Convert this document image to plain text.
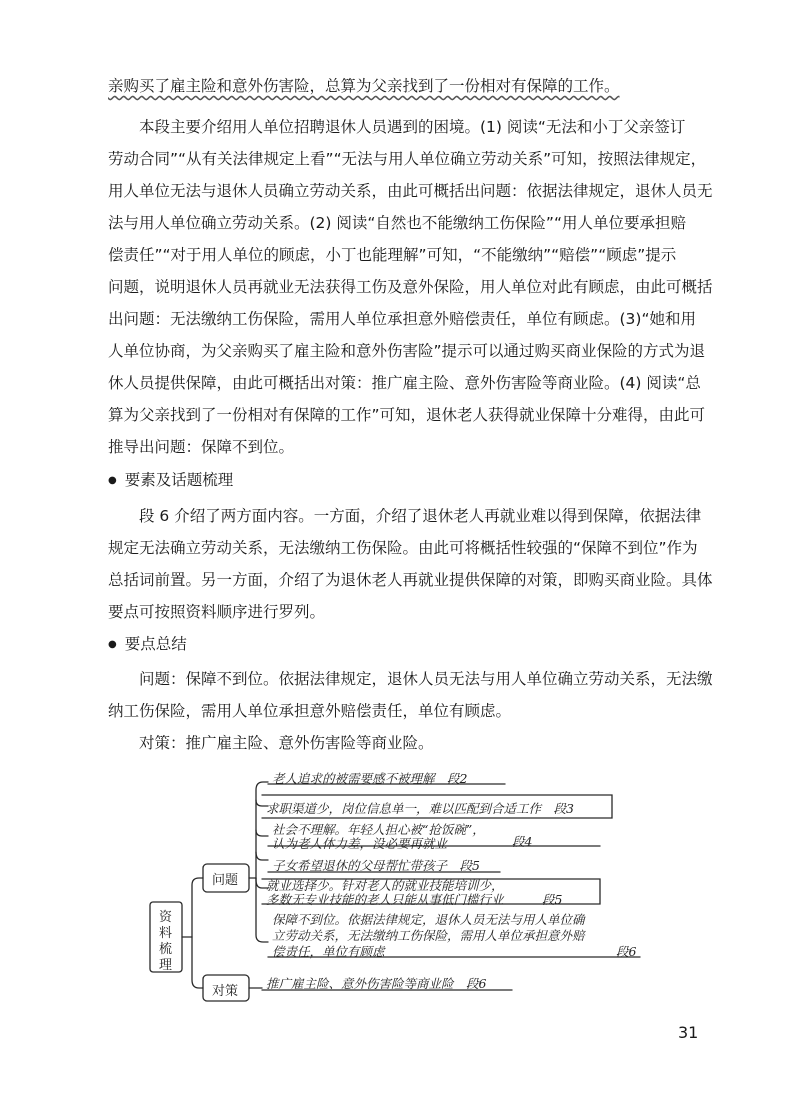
亲购买了雇主险和意外伤害险，总算为父亲找到了一份相对有保障的工作。
　　本段主要介绍用人单位招聘退休人员遇到的困境。(1) 阅读“无法和小丁父亲签订
劳动合同”“从有关法律规定上看”“无法与用人单位确立劳动关系”可知，按照法律规定，
用人单位无法与退休人员确立劳动关系，由此可概括出问题：依据法律规定，退休人员无
法与用人单位确立劳动关系。(2) 阅读“自然也不能缴纳工伤保险”“用人单位要承担赔
偿责任”“对于用人单位的顾虑，小丁也能理解”可知，“不能缴纳”“赔偿”“顾虑”提示
问题，说明退休人员再就业无法获得工伤及意外保险，用人单位对此有顾虑，由此可概括
出问题：无法缴纳工伤保险，需用人单位承担意外赔偿责任，单位有顾虑。(3)“她和用
人单位协商，为父亲购买了雇主险和意外伤害险”提示可以通过购买商业保险的方式为退
休人员提供保障，由此可概括出对策：推广雇主险、意外伤害险等商业险。(4) 阅读“总
算为父亲找到了一份相对有保障的工作”可知，退休老人获得就业保障十分难得，由此可
推导出问题：保障不到位。
● 要素及话题梳理
　　段 6 介绍了两方面内容。一方面，介绍了退休老人再就业难以得到保障，依据法律
规定无法确立劳动关系，无法缴纳工伤保险。由此可将概括性较强的“保障不到位”作为
总括词前置。另一方面，介绍了为退休老人再就业提供保障的对策，即购买商业险。具体
要点可按照资料顺序进行罗列。
● 要点总结
　　问题：保障不到位。依据法律规定，退休人员无法与用人单位确立劳动关系，无法缴
纳工伤保险，需用人单位承担意外赔偿责任，单位有顾虑。
　　对策：推广雇主险、意外伤害险等商业险。
资
料
梳
理
问题
对策
老人追求的被需要感不被理解　段2
求职渠道少，岗位信息单一，难以匹配到合适工作　段3
社会不理解。年轻人担心被“抢饭碗”，
认为老人体力差，没必要再就业	段4
子女希望退休的父母帮忙带孩子　段5
就业选择少。针对老人的就业技能培训少，
多数无专业技能的老人只能从事低门槛行业	段5
保障不到位。依据法律规定，退休人员无法与用人单位确
立劳动关系，无法缴纳工伤保险，需用人单位承担意外赔
偿责任，单位有顾虑	段6
推广雇主险、意外伤害险等商业险　段6
31
